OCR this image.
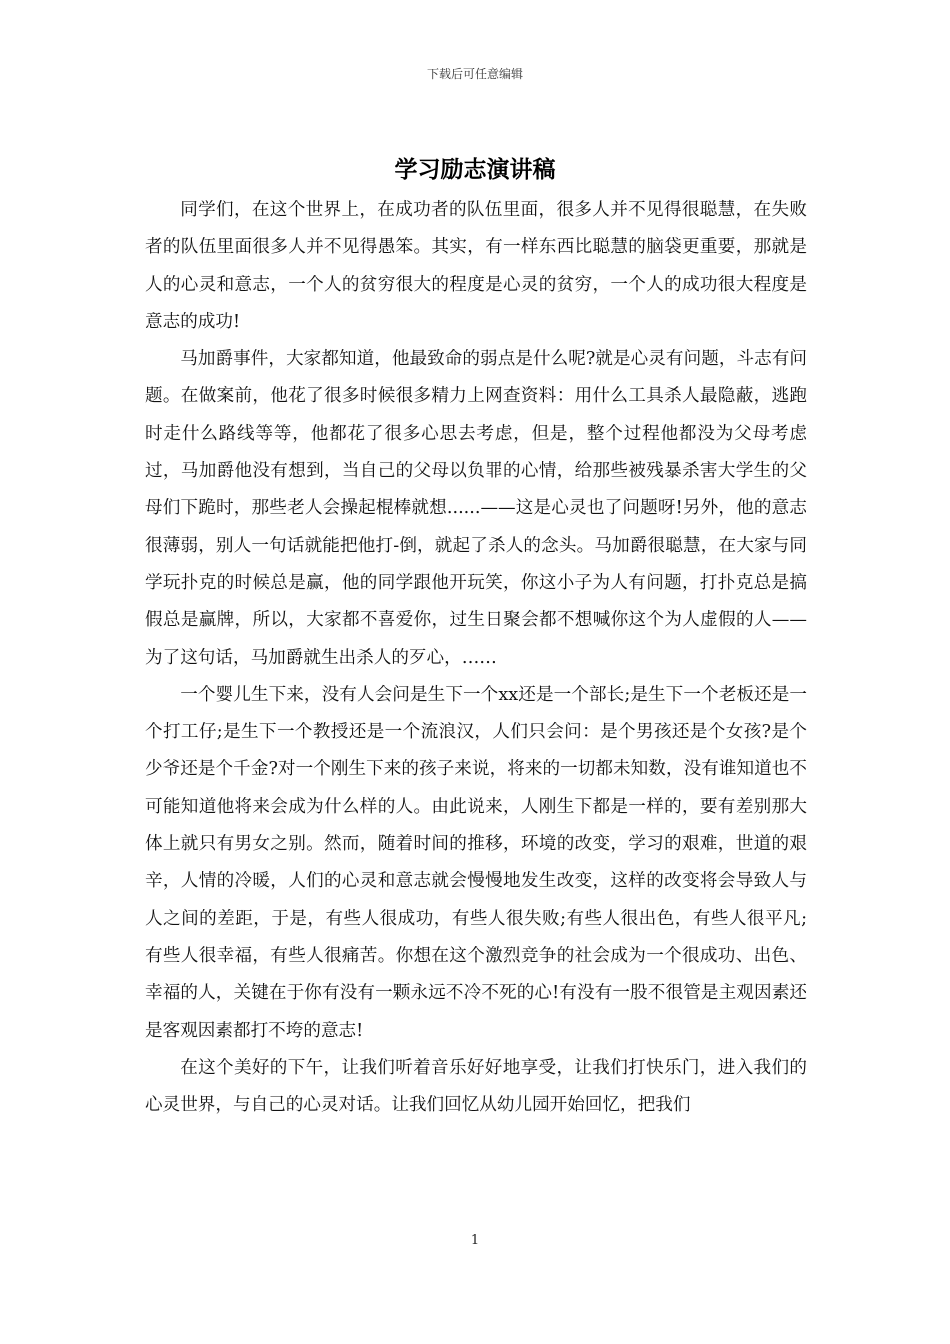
下载后可任意编辑
学习励志演讲稿

同学们，在这个世界上，在成功者的队伍里面，很多人并不见得很聪慧，在失败者的队伍里面很多人并不见得愚笨。其实，有一样东西比聪慧的脑袋更重要，那就是人的心灵和意志，一个人的贫穷很大的程度是心灵的贫穷，一个人的成功很大程度是意志的成功!

马加爵事件，大家都知道，他最致命的弱点是什么呢?就是心灵有问题，斗志有问题。在做案前，他花了很多时候很多精力上网查资料：用什么工具杀人最隐蔽，逃跑时走什么路线等等，他都花了很多心思去考虑，但是，整个过程他都没为父母考虑过，马加爵他没有想到，当自己的父母以负罪的心情，给那些被残暴杀害大学生的父母们下跪时，那些老人会操起棍棒就想......——这是心灵也了问题呀!另外，他的意志很薄弱，别人一句话就能把他打-倒，就起了杀人的念头。马加爵很聪慧，在大家与同学玩扑克的时候总是赢，他的同学跟他开玩笑，你这小子为人有问题，打扑克总是搞假总是赢牌，所以，大家都不喜爱你，过生日聚会都不想喊你这个为人虚假的人——为了这句话，马加爵就生出杀人的歹心，……

一个婴儿生下来，没有人会问是生下一个xx还是一个部长;是生下一个老板还是一个打工仔;是生下一个教授还是一个流浪汉，人们只会问：是个男孩还是个女孩?是个少爷还是个千金?对一个刚生下来的孩子来说，将来的一切都未知数，没有谁知道也不可能知道他将来会成为什么样的人。由此说来，人刚生下都是一样的，要有差别那大体上就只有男女之别。然而，随着时间的推移，环境的改变，学习的艰难，世道的艰辛，人情的冷暖，人们的心灵和意志就会慢慢地发生改变，这样的改变将会导致人与人之间的差距，于是，有些人很成功，有些人很失败;有些人很出色，有些人很平凡;有些人很幸福，有些人很痛苦。你想在这个激烈竞争的社会成为一个很成功、出色、幸福的人，关键在于你有没有一颗永远不冷不死的心!有没有一股不很管是主观因素还是客观因素都打不垮的意志!

在这个美好的下午，让我们听着音乐好好地享受，让我们打快乐门，进入我们的心灵世界，与自己的心灵对话。让我们回忆从幼儿园开始回忆，把我们

1
